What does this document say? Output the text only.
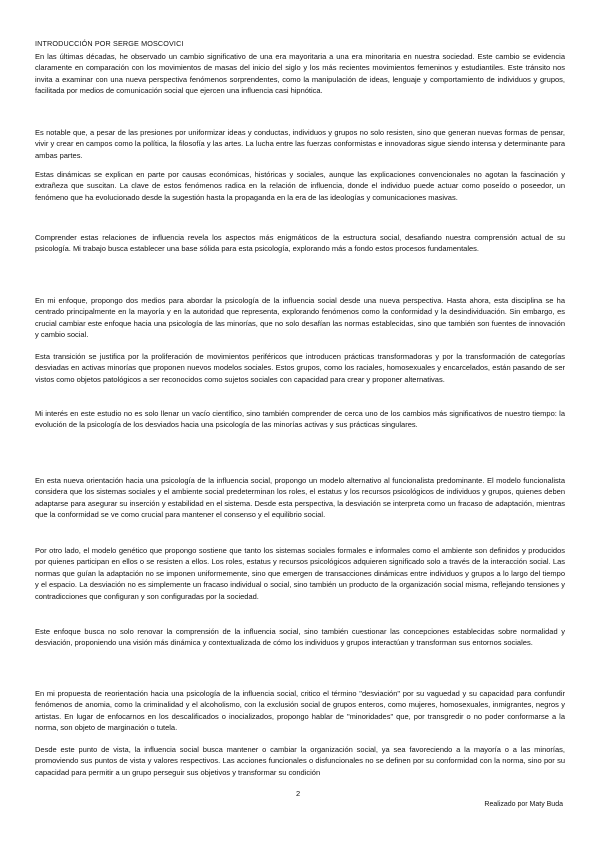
INTRODUCCIÓN POR SERGE MOSCOVICI

En las últimas décadas, he observado un cambio significativo de una era mayoritaria a una era minoritaria en nuestra sociedad. Este cambio se evidencia claramente en comparación con los movimientos de masas del inicio del siglo y los más recientes movimientos femeninos y estudiantiles. Este tránsito nos invita a examinar con una nueva perspectiva fenómenos sorprendentes, como la manipulación de ideas, lenguaje y comportamiento de individuos y grupos, facilitada por medios de comunicación social que ejercen una influencia casi hipnótica.

Es notable que, a pesar de las presiones por uniformizar ideas y conductas, individuos y grupos no solo resisten, sino que generan nuevas formas de pensar, vivir y crear en campos como la política, la filosofía y las artes. La lucha entre las fuerzas conformistas e innovadoras sigue siendo intensa y determinante para ambas partes.

Estas dinámicas se explican en parte por causas económicas, históricas y sociales, aunque las explicaciones convencionales no agotan la fascinación y extrañeza que suscitan. La clave de estos fenómenos radica en la relación de influencia, donde el individuo puede actuar como poseído o poseedor, un fenómeno que ha evolucionado desde la sugestión hasta la propaganda en la era de las ideologías y comunicaciones masivas.

Comprender estas relaciones de influencia revela los aspectos más enigmáticos de la estructura social, desafiando nuestra comprensión actual de su psicología. Mi trabajo busca establecer una base sólida para esta psicología, explorando más a fondo estos procesos fundamentales.

En mi enfoque, propongo dos medios para abordar la psicología de la influencia social desde una nueva perspectiva. Hasta ahora, esta disciplina se ha centrado principalmente en la mayoría y en la autoridad que representa, explorando fenómenos como la conformidad y la desindividuación. Sin embargo, es crucial cambiar este enfoque hacia una psicología de las minorías, que no solo desafían las normas establecidas, sino que también son fuentes de innovación y cambio social.

Esta transición se justifica por la proliferación de movimientos periféricos que introducen prácticas transformadoras y por la transformación de categorías desviadas en activas minorías que proponen nuevos modelos sociales. Estos grupos, como los raciales, homosexuales y encarcelados, están pasando de ser vistos como objetos patológicos a ser reconocidos como sujetos sociales con capacidad para crear y proponer alternativas.

Mi interés en este estudio no es solo llenar un vacío científico, sino también comprender de cerca uno de los cambios más significativos de nuestro tiempo: la evolución de la psicología de los desviados hacia una psicología de las minorías activas y sus prácticas singulares.

En esta nueva orientación hacia una psicología de la influencia social, propongo un modelo alternativo al funcionalista predominante. El modelo funcionalista considera que los sistemas sociales y el ambiente social predeterminan los roles, el estatus y los recursos psicológicos de individuos y grupos, quienes deben adaptarse para asegurar su inserción y estabilidad en el sistema. Desde esta perspectiva, la desviación se interpreta como un fracaso de adaptación, mientras que la conformidad se ve como crucial para mantener el consenso y el equilibrio social.

Por otro lado, el modelo genético que propongo sostiene que tanto los sistemas sociales formales e informales como el ambiente son definidos y producidos por quienes participan en ellos o se resisten a ellos. Los roles, estatus y recursos psicológicos adquieren significado solo a través de la interacción social. Las normas que guían la adaptación no se imponen uniformemente, sino que emergen de transacciones dinámicas entre individuos y grupos a lo largo del tiempo y el espacio. La desviación no es simplemente un fracaso individual o social, sino también un producto de la organización social misma, reflejando tensiones y contradicciones que configuran y son configuradas por la sociedad.

Este enfoque busca no solo renovar la comprensión de la influencia social, sino también cuestionar las concepciones establecidas sobre normalidad y desviación, proponiendo una visión más dinámica y contextualizada de cómo los individuos y grupos interactúan y transforman sus entornos sociales.

En mi propuesta de reorientación hacia una psicología de la influencia social, critico el término "desviación" por su vaguedad y su capacidad para confundir fenómenos de anomia, como la criminalidad y el alcoholismo, con la exclusión social de grupos enteros, como mujeres, homosexuales, inmigrantes, negros y artistas. En lugar de enfocarnos en los descalificados o inocializados, propongo hablar de "minoridades" que, por transgredir o no poder conformarse a la norma, son objeto de marginación o tutela.

Desde este punto de vista, la influencia social busca mantener o cambiar la organización social, ya sea favoreciendo a la mayoría o a las minorías, promoviendo sus puntos de vista y valores respectivos. Las acciones funcionales o disfuncionales no se definen por su conformidad con la norma, sino por su capacidad para permitir a un grupo perseguir sus objetivos y transformar su condición

2
Realizado por Maty Buda
